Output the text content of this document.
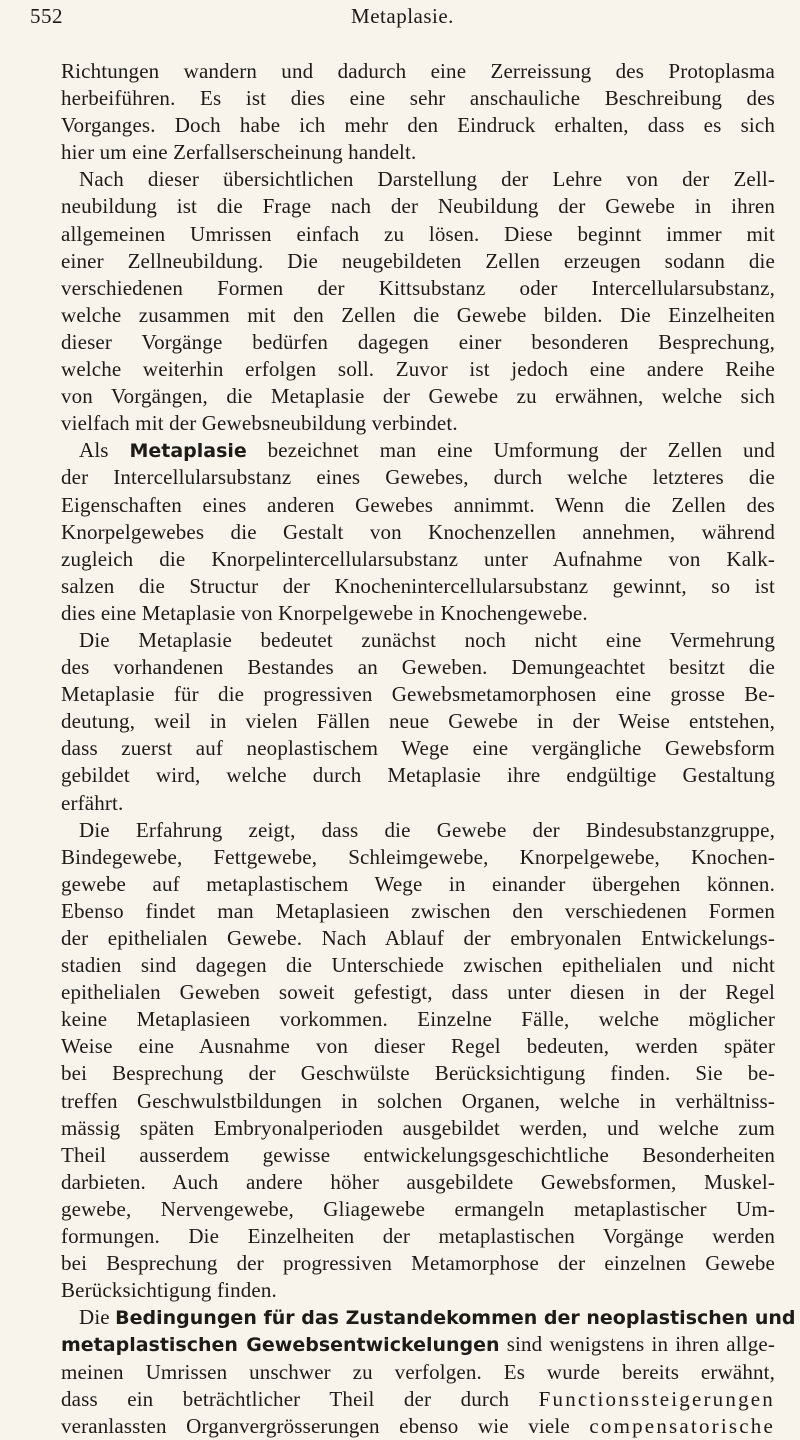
552	Metaplasie.
Richtungen wandern und dadurch eine Zerreissung des Protoplasma
herbeiführen. Es ist dies eine sehr anschauliche Beschreibung des
Vorganges. Doch habe ich mehr den Eindruck erhalten, dass es sich
hier um eine Zerfallserscheinung handelt.
Nach dieser übersichtlichen Darstellung der Lehre von der Zell-
neubildung ist die Frage nach der Neubildung der Gewebe in ihren
allgemeinen Umrissen einfach zu lösen. Diese beginnt immer mit
einer Zellneubildung. Die neugebildeten Zellen erzeugen sodann die
verschiedenen Formen der Kittsubstanz oder Intercellularsubstanz,
welche zusammen mit den Zellen die Gewebe bilden. Die Einzelheiten
dieser Vorgänge bedürfen dagegen einer besonderen Besprechung,
welche weiterhin erfolgen soll. Zuvor ist jedoch eine andere Reihe
von Vorgängen, die Metaplasie der Gewebe zu erwähnen, welche sich
vielfach mit der Gewebsneubildung verbindet.
Als Metaplasie bezeichnet man eine Umformung der Zellen und
der Intercellularsubstanz eines Gewebes, durch welche letzteres die
Eigenschaften eines anderen Gewebes annimmt. Wenn die Zellen des
Knorpelgewebes die Gestalt von Knochenzellen annehmen, während
zugleich die Knorpelintercellularsubstanz unter Aufnahme von Kalk-
salzen die Structur der Knochenintercellularsubstanz gewinnt, so ist
dies eine Metaplasie von Knorpelgewebe in Knochengewebe.
Die Metaplasie bedeutet zunächst noch nicht eine Vermehrung
des vorhandenen Bestandes an Geweben. Demungeachtet besitzt die
Metaplasie für die progressiven Gewebsmetamorphosen eine grosse Be-
deutung, weil in vielen Fällen neue Gewebe in der Weise entstehen,
dass zuerst auf neoplastischem Wege eine vergängliche Gewebsform
gebildet wird, welche durch Metaplasie ihre endgültige Gestaltung
erfährt.
Die Erfahrung zeigt, dass die Gewebe der Bindesubstanzgruppe,
Bindegewebe, Fettgewebe, Schleimgewebe, Knorpelgewebe, Knochen-
gewebe auf metaplastischem Wege in einander übergehen können.
Ebenso findet man Metaplasieen zwischen den verschiedenen Formen
der epithelialen Gewebe. Nach Ablauf der embryonalen Entwickelungs-
stadien sind dagegen die Unterschiede zwischen epithelialen und nicht
epithelialen Geweben soweit gefestigt, dass unter diesen in der Regel
keine Metaplasieen vorkommen. Einzelne Fälle, welche möglicher
Weise eine Ausnahme von dieser Regel bedeuten, werden später
bei Besprechung der Geschwülste Berücksichtigung finden. Sie be-
treffen Geschwulstbildungen in solchen Organen, welche in verhältniss-
mässig späten Embryonalperioden ausgebildet werden, und welche zum
Theil ausserdem gewisse entwickelungsgeschichtliche Besonderheiten
darbieten. Auch andere höher ausgebildete Gewebsformen, Muskel-
gewebe, Nervengewebe, Gliagewebe ermangeln metaplastischer Um-
formungen. Die Einzelheiten der metaplastischen Vorgänge werden
bei Besprechung der progressiven Metamorphose der einzelnen Gewebe
Berücksichtigung finden.
Die Bedingungen für das Zustandekommen der neoplastischen und
metaplastischen Gewebsentwickelungen sind wenigstens in ihren allge-
meinen Umrissen unschwer zu verfolgen. Es wurde bereits erwähnt,
dass ein beträchtlicher Theil der durch Functionssteigerungen
veranlassten Organvergrösserungen ebenso wie viele compensatorische
